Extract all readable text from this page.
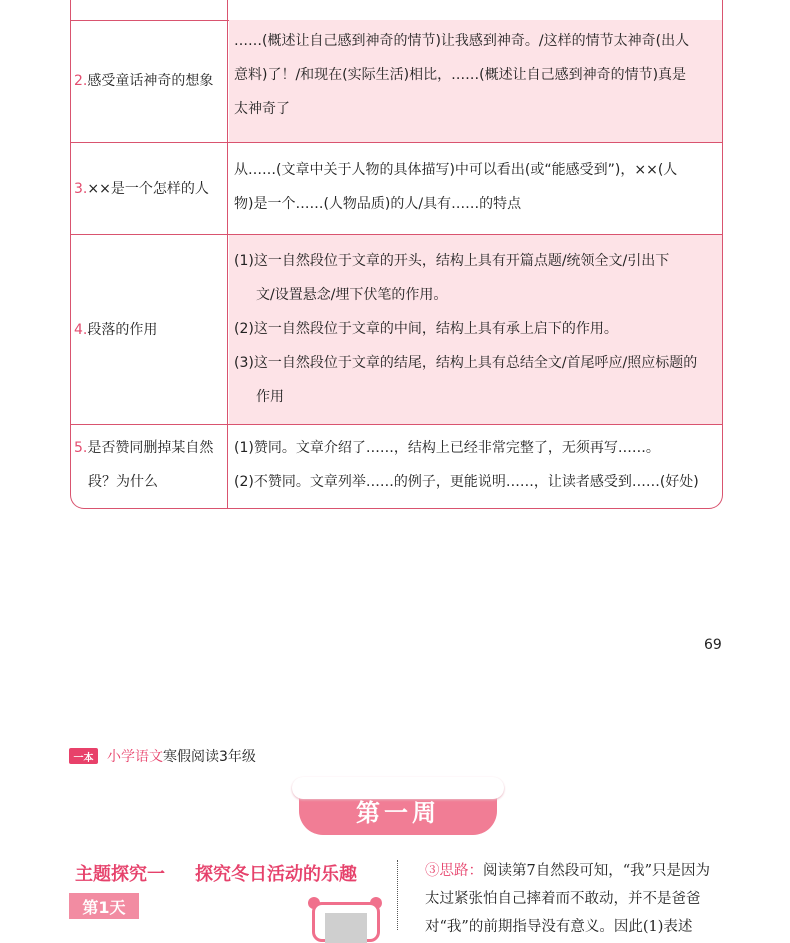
2.感受童话神奇的想象
……(概述让自己感到神奇的情节)让我感到神奇。/这样的情节太神奇(出人
意料)了！/和现在(实际生活)相比，……(概述让自己感到神奇的情节)真是
太神奇了
3.××是一个怎样的人
从……(文章中关于人物的具体描写)中可以看出(或“能感受到”)，××(人
物)是一个……(人物品质)的人/具有……的特点
4.段落的作用
(1)这一自然段位于文章的开头，结构上具有开篇点题/统领全文/引出下
文/设置悬念/埋下伏笔的作用。
(2)这一自然段位于文章的中间，结构上具有承上启下的作用。
(3)这一自然段位于文章的结尾，结构上具有总结全文/首尾呼应/照应标题的
作用
5.是否赞同删掉某自然
段？为什么
(1)赞同。文章介绍了……，结构上已经非常完整了，无须再写……。
(2)不赞同。文章列举……的例子，更能说明……，让读者感受到……(好处)
69
一本 小学语文 寒假阅读3年级
第一周
主题探究一 探究冬日活动的乐趣
第1天
③思路：阅读第7自然段可知，“我”只是因为
太过紧张怕自己摔着而不敢动，并不是爸爸
对“我”的前期指导没有意义。因此(1)表述
